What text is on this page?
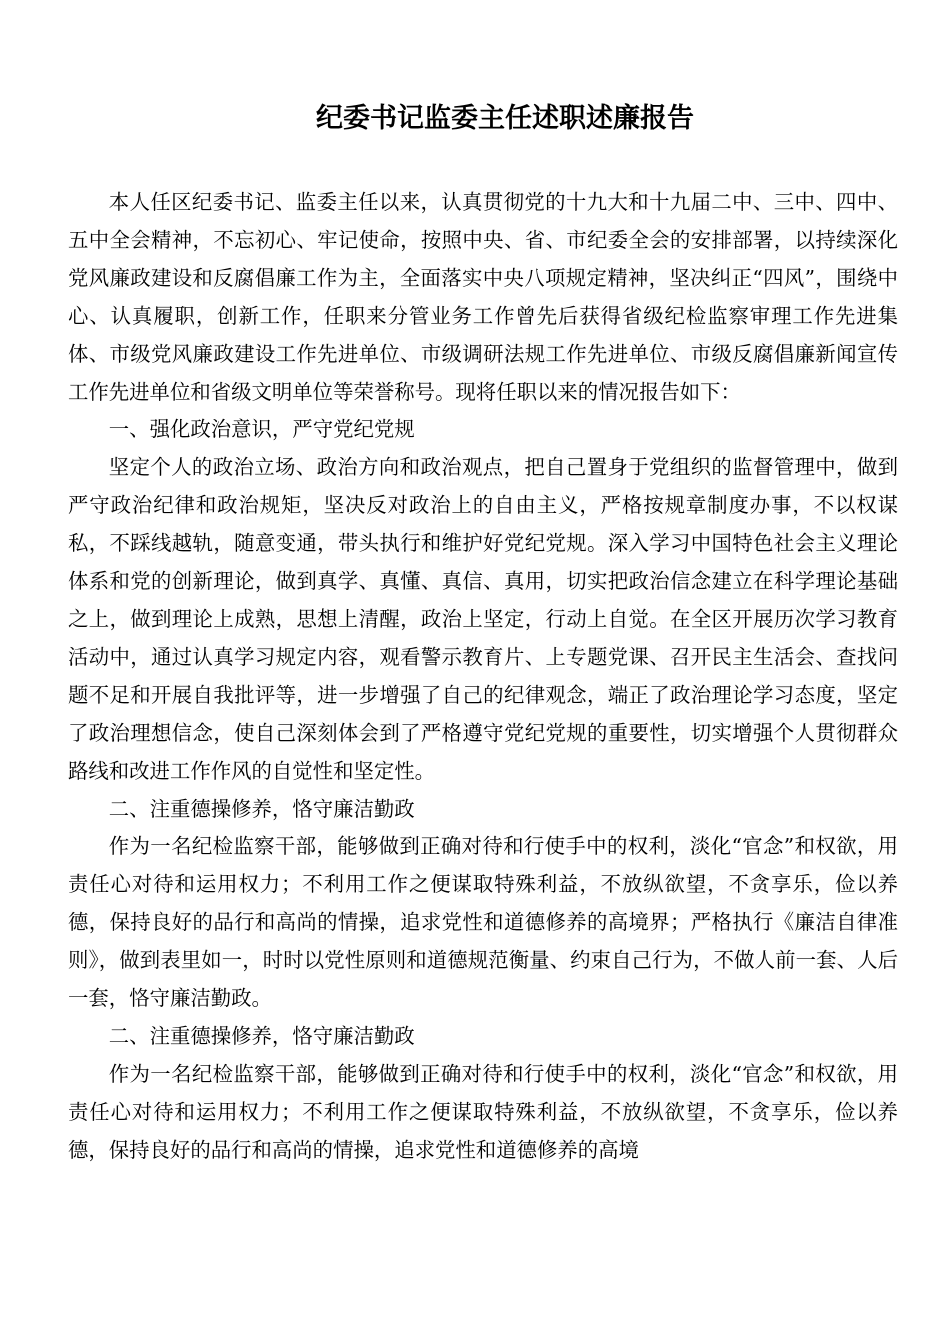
纪委书记监委主任述职述廉报告

本人任区纪委书记、监委主任以来，认真贯彻党的十九大和十九届二中、三中、四中、五中全会精神，不忘初心、牢记使命，按照中央、省、市纪委全会的安排部署，以持续深化党风廉政建设和反腐倡廉工作为主，全面落实中央八项规定精神，坚决纠正“四风”，围绕中心、认真履职，创新工作，任职来分管业务工作曾先后获得省级纪检监察审理工作先进集体、市级党风廉政建设工作先进单位、市级调研法规工作先进单位、市级反腐倡廉新闻宣传工作先进单位和省级文明单位等荣誉称号。现将任职以来的情况报告如下：

一、强化政治意识，严守党纪党规

坚定个人的政治立场、政治方向和政治观点，把自己置身于党组织的监督管理中，做到严守政治纪律和政治规矩，坚决反对政治上的自由主义，严格按规章制度办事，不以权谋私，不踩线越轨，随意变通，带头执行和维护好党纪党规。深入学习中国特色社会主义理论体系和党的创新理论，做到真学、真懂、真信、真用，切实把政治信念建立在科学理论基础之上，做到理论上成熟，思想上清醒，政治上坚定，行动上自觉。在全区开展历次学习教育活动中，通过认真学习规定内容，观看警示教育片、上专题党课、召开民主生活会、查找问题不足和开展自我批评等，进一步增强了自己的纪律观念，端正了政治理论学习态度，坚定了政治理想信念，使自己深刻体会到了严格遵守党纪党规的重要性，切实增强个人贯彻群众路线和改进工作作风的自觉性和坚定性。

二、注重德操修养，恪守廉洁勤政

作为一名纪检监察干部，能够做到正确对待和行使手中的权利，淡化“官念”和权欲，用责任心对待和运用权力；不利用工作之便谋取特殊利益，不放纵欲望，不贪享乐，俭以养德，保持良好的品行和高尚的情操，追求党性和道德修养的高境界；严格执行《廉洁自律准则》，做到表里如一，时时以党性原则和道德规范衡量、约束自己行为，不做人前一套、人后一套，恪守廉洁勤政。

二、注重德操修养，恪守廉洁勤政

作为一名纪检监察干部，能够做到正确对待和行使手中的权利，淡化“官念”和权欲，用责任心对待和运用权力；不利用工作之便谋取特殊利益，不放纵欲望，不贪享乐，俭以养德，保持良好的品行和高尚的情操，追求党性和道德修养的高境
